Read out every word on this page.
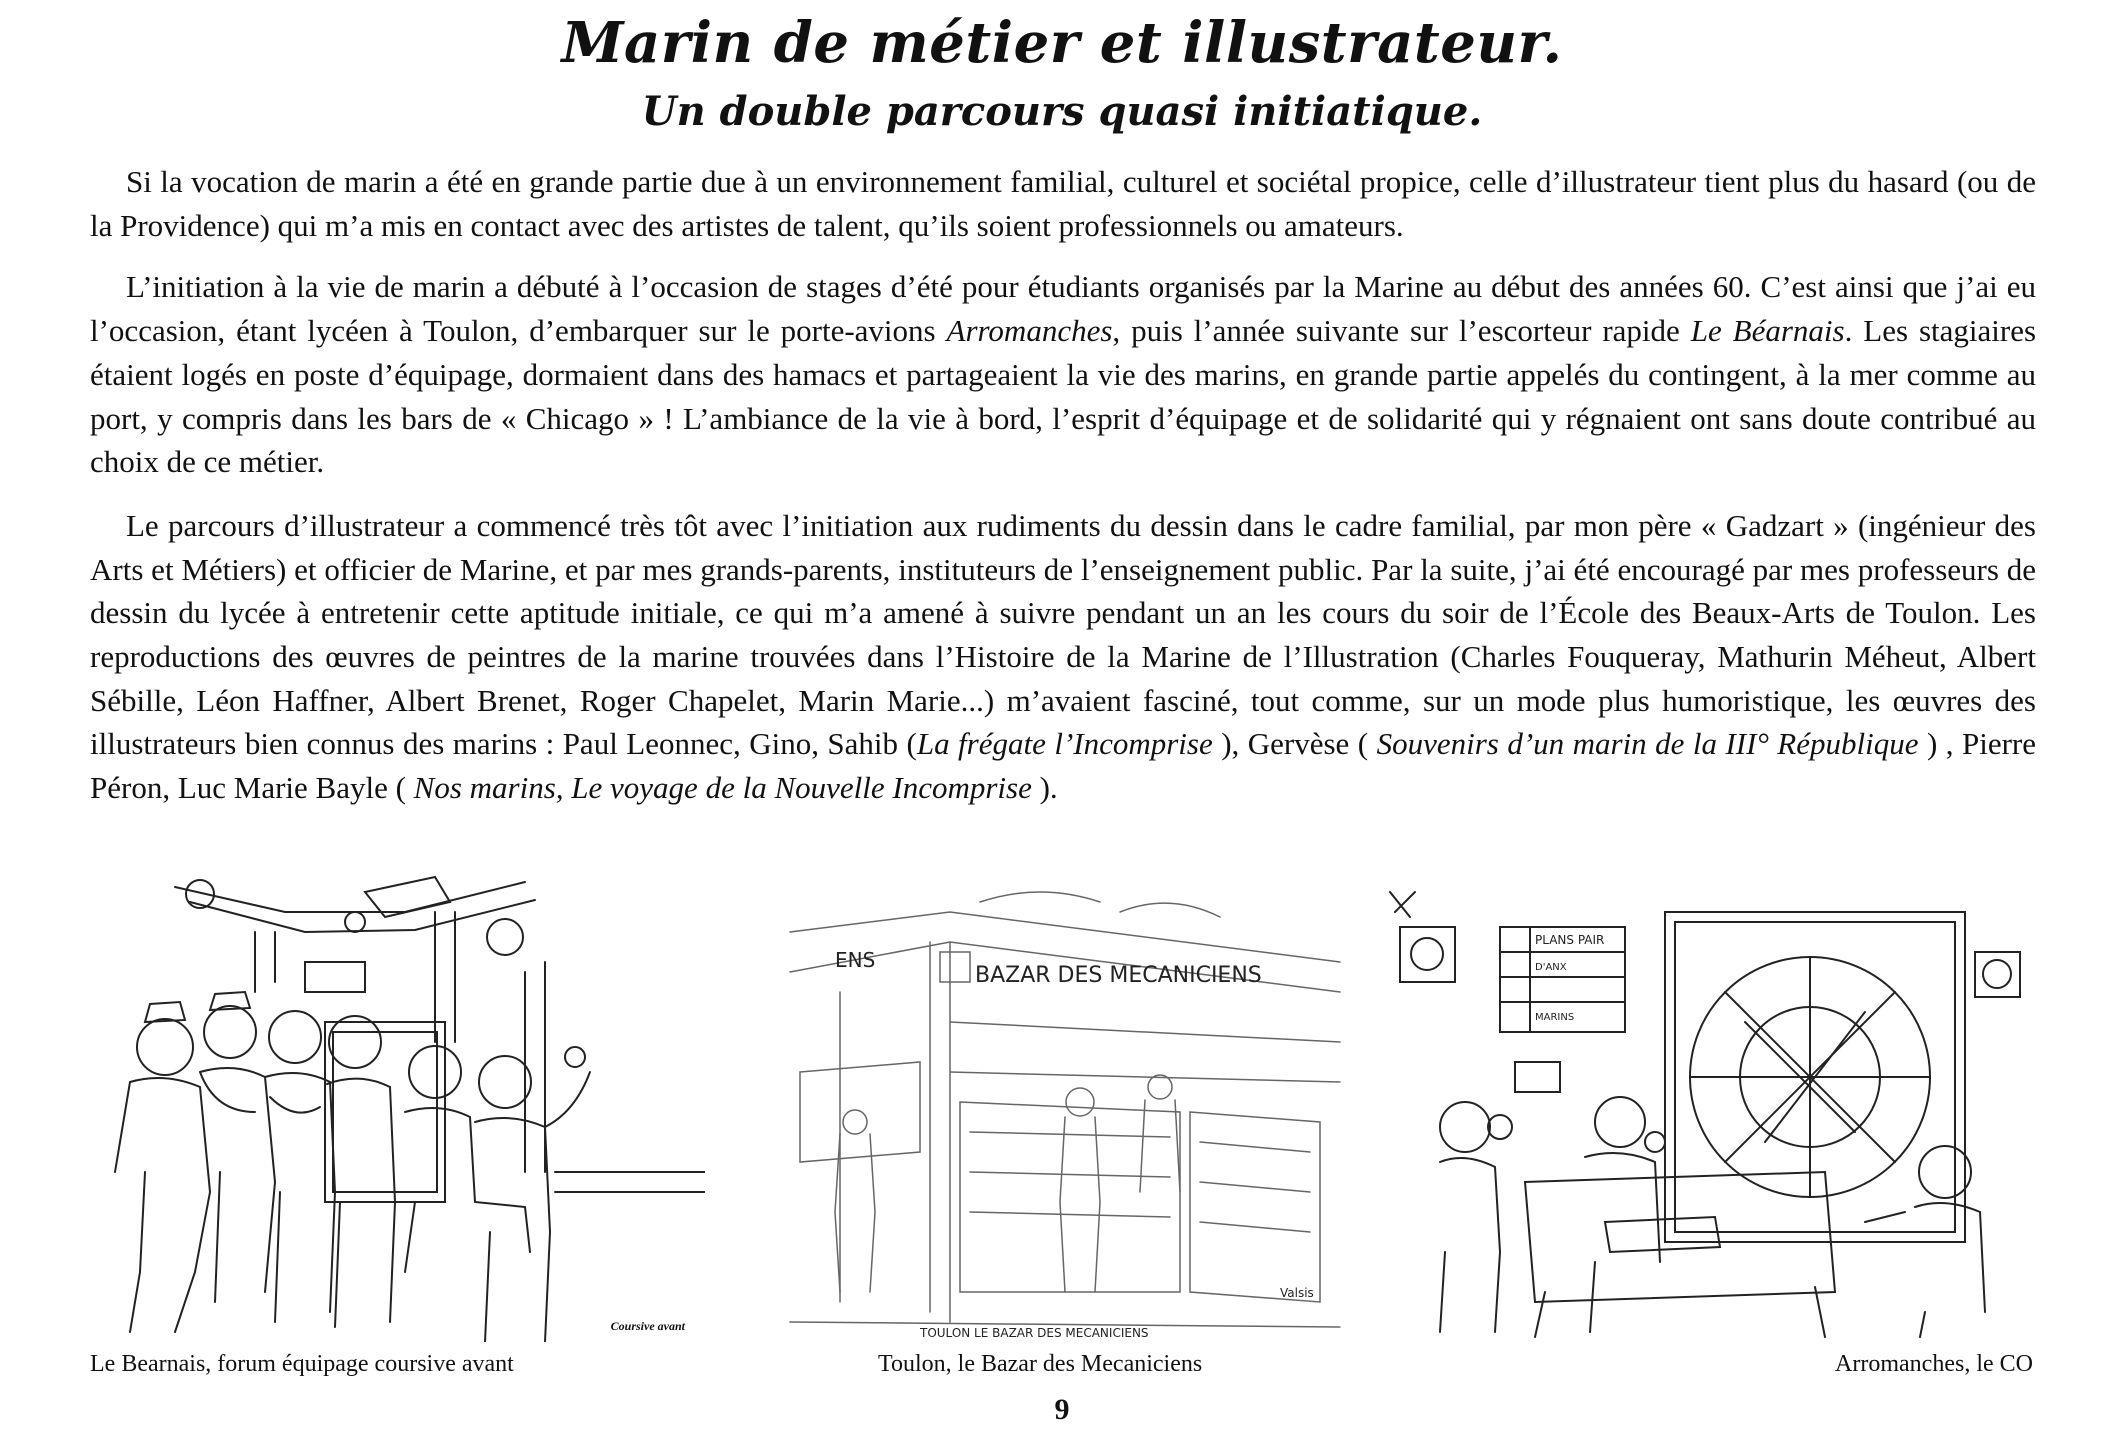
Marin de métier et illustrateur.
Un double parcours quasi initiatique.

Si la vocation de marin a été en grande partie due à un environnement familial, culturel et sociétal propice, celle d’illustrateur tient plus du hasard (ou de la Providence) qui m’a mis en contact avec des artistes de talent, qu’ils soient professionnels ou amateurs.

L’initiation à la vie de marin a débuté à l’occasion de stages d’été pour étudiants organisés par la Marine au début des années 60. C’est ainsi que j’ai eu l’occasion, étant lycéen à Toulon, d’embarquer sur le porte-avions Arromanches, puis l’année suivante sur l’escorteur rapide Le Béarnais. Les stagiaires étaient logés en poste d’équipage, dormaient dans des hamacs et partageaient la vie des marins, en grande partie appelés du contingent, à la mer comme au port, y compris dans les bars de « Chicago » ! L’ambiance de la vie à bord, l’esprit d’équipage et de solidarité qui y régnaient ont sans doute contribué au choix de ce métier.

Le parcours d’illustrateur a commencé très tôt avec l’initiation aux rudiments du dessin dans le cadre familial, par mon père « Gadzart » (ingénieur des Arts et Métiers) et officier de Marine, et par mes grands-parents, instituteurs de l’enseignement public. Par la suite, j’ai été encouragé par mes professeurs de dessin du lycée à entretenir cette aptitude initiale, ce qui m’a amené à suivre pendant un an les cours du soir de l’École des Beaux-Arts de Toulon. Les reproductions des œuvres de peintres de la marine trouvées dans l’Histoire de la Marine de l’Illustration (Charles Fouqueray, Mathurin Méheut, Albert Sébille, Léon Haffner, Albert Brenet, Roger Chapelet, Marin Marie...) m’avaient fasciné, tout comme, sur un mode plus humoristique, les œuvres des illustrateurs bien connus des marins : Paul Leonnec, Gino, Sahib (La frégate l’Incomprise ), Gervèse ( Souvenirs d’un marin de la III° République ) , Pierre Péron, Luc Marie Bayle ( Nos marins, Le voyage de la Nouvelle Incomprise ).

Coursive avant
BAZAR DES MECANICIENS
ENS
TOULON LE BAZAR DES MECANICIENS
Valsis
PLANS PAIR
D'ANX
MARINS
Le Bearnais, forum équipage coursive avant	Toulon, le Bazar des Mecaniciens	Arromanches, le CO
9
